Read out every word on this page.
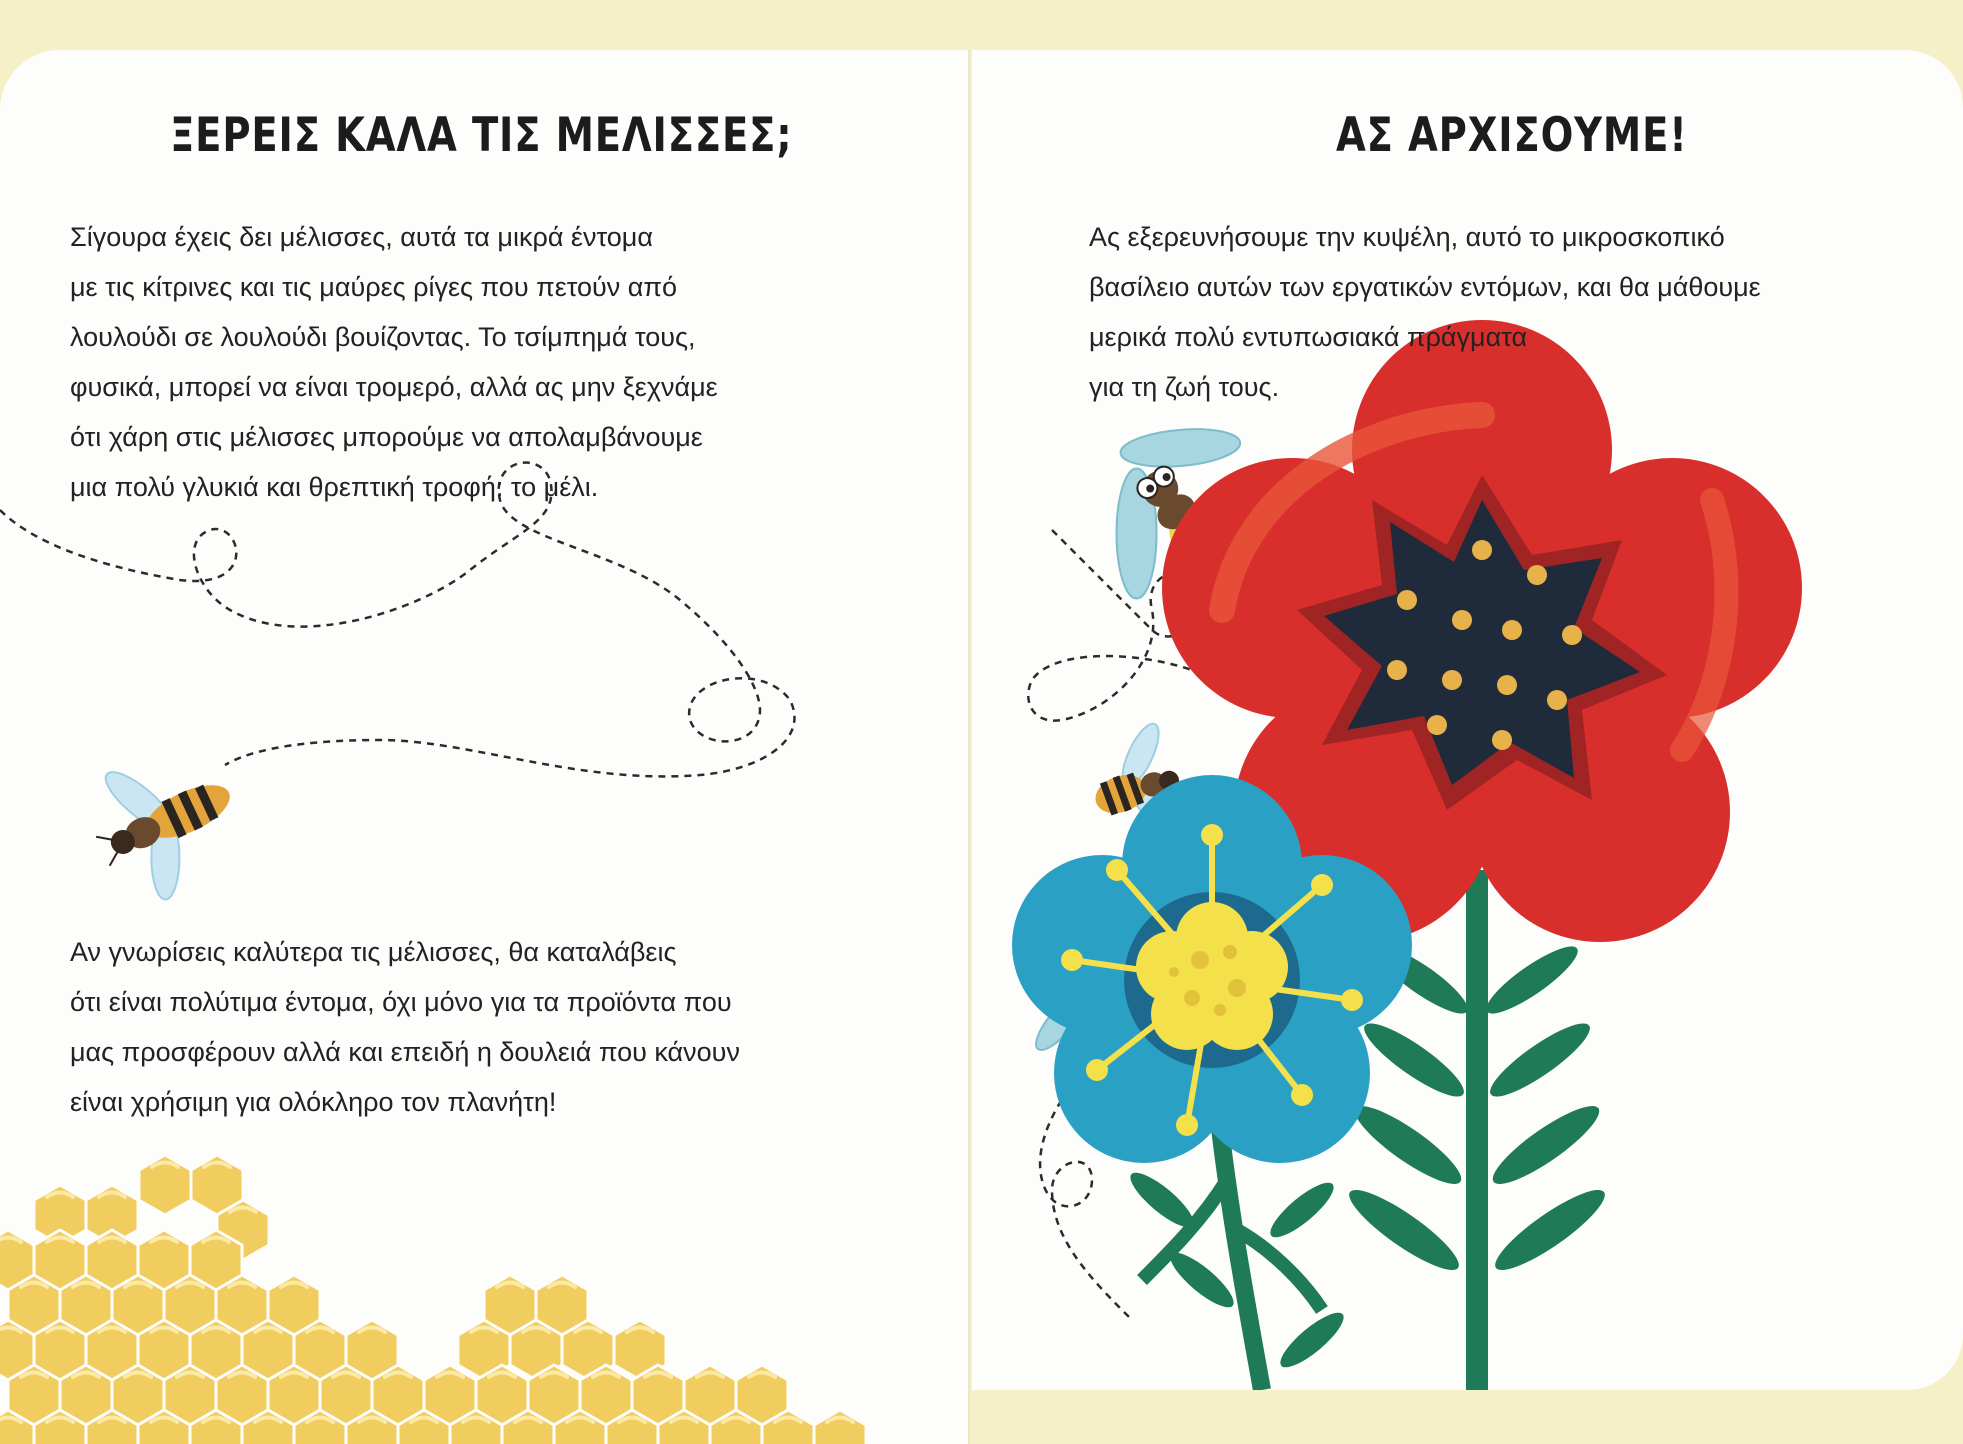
ΞΕΡΕΙΣ ΚΑΛΑ ΤΙΣ ΜΕΛΙΣΣΕΣ;
Σίγουρα έχεις δει μέλισσες, αυτά τα μικρά έντομα
με τις κίτρινες και τις μαύρες ρίγες που πετούν από
λουλούδι σε λουλούδι βουίζοντας. Το τσίμπημά τους,
φυσικά, μπορεί να είναι τρομερό, αλλά ας μην ξεχνάμε
ότι χάρη στις μέλισσες μπορούμε να απολαμβάνουμε
μια πολύ γλυκιά και θρεπτική τροφή: το μέλι.
Αν γνωρίσεις καλύτερα τις μέλισσες, θα καταλάβεις
ότι είναι πολύτιμα έντομα, όχι μόνο για τα προϊόντα που
μας προσφέρουν αλλά και επειδή η δουλειά που κάνουν
είναι χρήσιμη για ολόκληρο τον πλανήτη!
ΑΣ ΑΡΧΙΣΟΥΜΕ!
Ας εξερευνήσουμε την κυψέλη, αυτό το μικροσκοπικό
βασίλειο αυτών των εργατικών εντόμων, και θα μάθουμε
μερικά πολύ εντυπωσιακά πράγματα
για τη ζωή τους.
